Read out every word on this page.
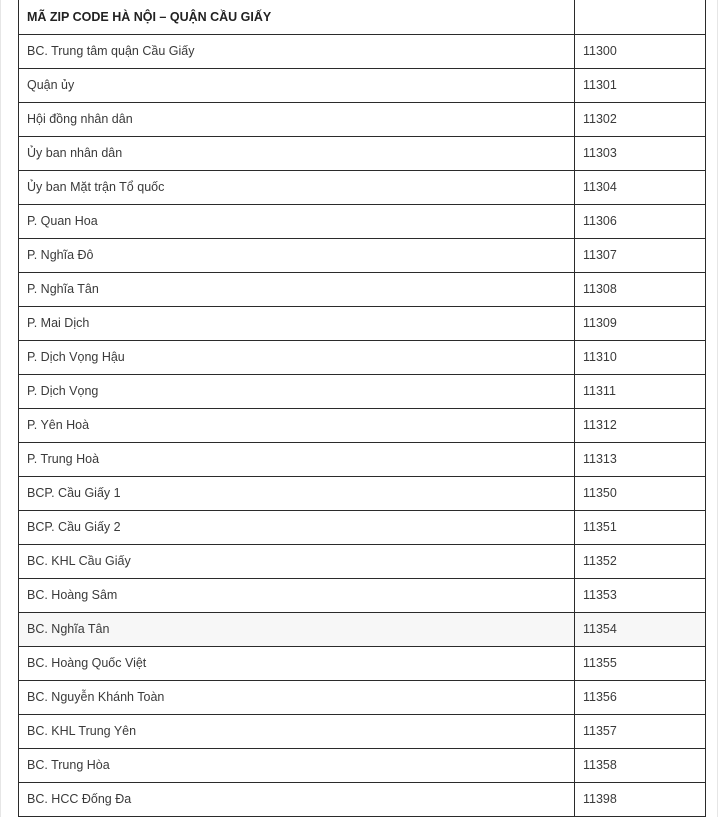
MÃ ZIP CODE HÀ NỘI – QUẬN CẦU GIẤY	
BC. Trung tâm quận Cầu Giấy	11300
Quận ủy	11301
Hội đồng nhân dân	11302
Ủy ban nhân dân	11303
Ủy ban Mặt trận Tổ quốc	11304
P. Quan Hoa	11306
P. Nghĩa Đô	11307
P. Nghĩa Tân	11308
P. Mai Dịch	11309
P. Dịch Vọng Hậu	11310
P. Dịch Vọng	11311
P. Yên Hoà	11312
P. Trung Hoà	11313
BCP. Cầu Giấy 1	11350
BCP. Cầu Giấy 2	11351
BC. KHL Cầu Giấy	11352
BC. Hoàng Sâm	11353
BC. Nghĩa Tân	11354
BC. Hoàng Quốc Việt	11355
BC. Nguyễn Khánh Toàn	11356
BC. KHL Trung Yên	11357
BC. Trung Hòa	11358
BC. HCC Đống Đa	11398
